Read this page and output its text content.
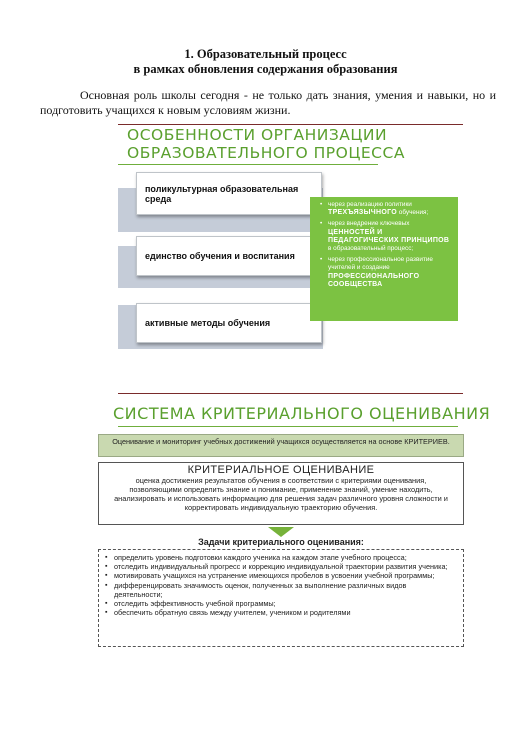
1. Образовательный процесс
в рамках обновления содержания образования
Основная роль школы сегодня - не только дать знания, умения и навыки, но и подготовить учащихся к новым условиям жизни.
ОСОБЕННОСТИ ОРГАНИЗАЦИИ
ОБРАЗОВАТЕЛЬНОГО ПРОЦЕССА
поликультурная образовательная среда
единство обучения и воспитания
активные методы обучения
• через реализацию политики ТРЕХЪЯЗЫЧНОГО обучения;
• через внедрение ключевых ЦЕННОСТЕЙ И ПЕДАГОГИЧЕСКИХ ПРИНЦИПОВ в образовательный процесс;
• через профессиональное развитие учителей и создание ПРОФЕССИОНАЛЬНОГО СООБЩЕСТВА
СИСТЕМА КРИТЕРИАЛЬНОГО ОЦЕНИВАНИЯ
Оценивание и мониторинг учебных достижений учащихся осуществляется на основе КРИТЕРИЕВ.
КРИТЕРИАЛЬНОЕ ОЦЕНИВАНИЕ
оценка достижения результатов обучения в соответствии с критериями оценивания, позволяющими определить знание и понимание, применение знаний, умение находить, анализировать и использовать информацию для решения задач различного уровня сложности и корректировать индивидуальную траекторию обучения.
Задачи критериального оценивания:
▪ определить уровень подготовки каждого ученика на каждом этапе учебного процесса;
▪ отследить индивидуальный прогресс и коррекцию индивидуальной траектории развития ученика;
▪ мотивировать учащихся на устранение имеющихся пробелов в усвоении учебной программы;
▪ дифференцировать значимость оценок, полученных за выполнение различных видов деятельности;
▪ отследить эффективность учебной программы;
▪ обеспечить обратную связь между учителем, учеником и родителями
